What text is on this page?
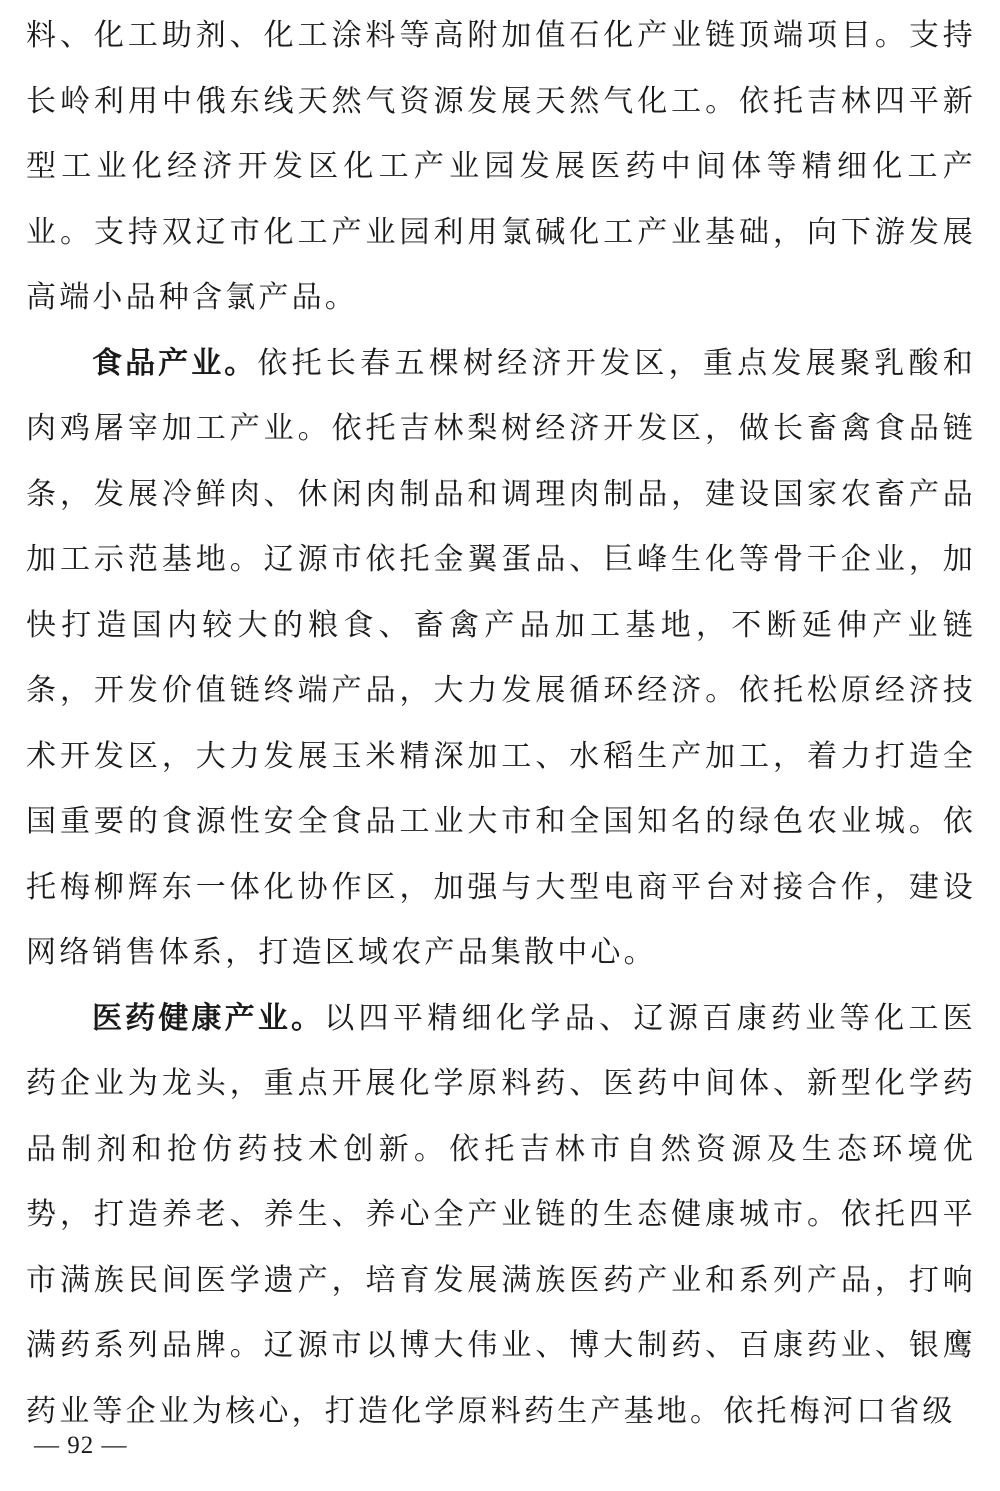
料、化工助剂、化工涂料等高附加值石化产业链顶端项目。支持长岭利用中俄东线天然气资源发展天然气化工。依托吉林四平新型工业化经济开发区化工产业园发展医药中间体等精细化工产业。支持双辽市化工产业园利用氯碱化工产业基础，向下游发展高端小品种含氯产品。

食品产业。依托长春五棵树经济开发区，重点发展聚乳酸和肉鸡屠宰加工产业。依托吉林梨树经济开发区，做长畜禽食品链条，发展冷鲜肉、休闲肉制品和调理肉制品，建设国家农畜产品加工示范基地。辽源市依托金翼蛋品、巨峰生化等骨干企业，加快打造国内较大的粮食、畜禽产品加工基地，不断延伸产业链条，开发价值链终端产品，大力发展循环经济。依托松原经济技术开发区，大力发展玉米精深加工、水稻生产加工，着力打造全国重要的食源性安全食品工业大市和全国知名的绿色农业城。依托梅柳辉东一体化协作区，加强与大型电商平台对接合作，建设网络销售体系，打造区域农产品集散中心。

医药健康产业。以四平精细化学品、辽源百康药业等化工医药企业为龙头，重点开展化学原料药、医药中间体、新型化学药品制剂和抢仿药技术创新。依托吉林市自然资源及生态环境优势，打造养老、养生、养心全产业链的生态健康城市。依托四平市满族民间医学遗产，培育发展满族医药产业和系列产品，打响满药系列品牌。辽源市以博大伟业、博大制药、百康药业、银鹰药业等企业为核心，打造化学原料药生产基地。依托梅河口省级

— 92 —
